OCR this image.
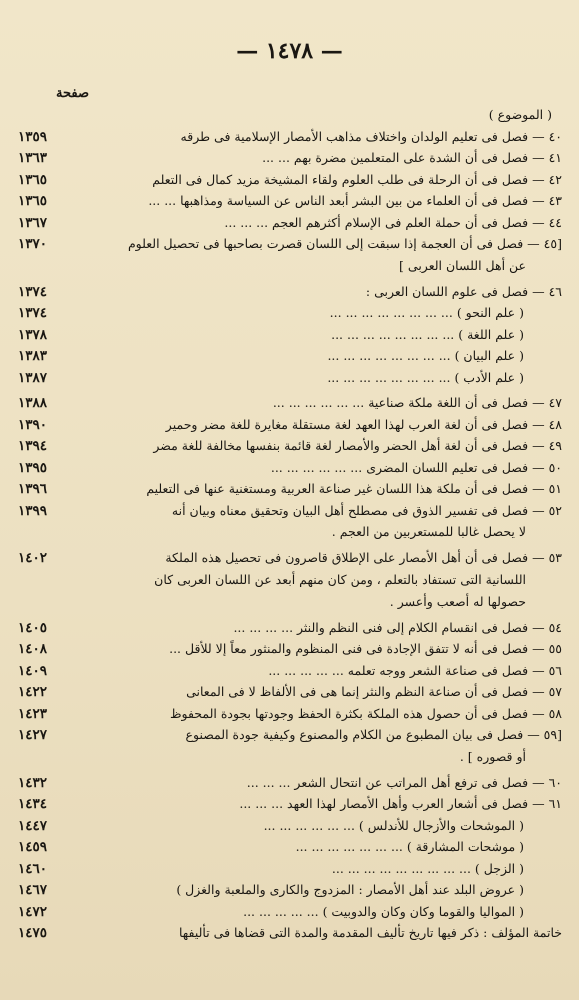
— ١٤٧٨ —
صفحة
( الموضوع )
١٣٥٩	٤٠ — فصل فى تعليم الولدان واختلاف مذاهب الأمصار الإسلامية فى طرقه
١٣٦٣	٤١ — فصل فى أن الشدة على المتعلمين مضرة بهم ... ...
١٣٦٥	٤٢ — فصل فى أن الرحلة فى طلب العلوم ولقاء المشيخة مزيد كمال فى التعلم
١٣٦٥	٤٣ — فصل فى أن العلماء من بين البشر أبعد الناس عن السياسة ومذاهبها ... ...
١٣٦٧	٤٤ — فصل فى أن حملة العلم فى الإسلام أكثرهم العجم ... ... ...
١٣٧٠	[٤٥ — فصل فى أن العجمة إذا سبقت إلى اللسان قصرت بصاحبها فى تحصيل العلوم
عن أهل اللسان العربى ]
١٣٧٤	٤٦ — فصل فى علوم اللسان العربى :
١٣٧٤	( علم النحو ) ... ... ... ... ... ... ... ...
١٣٧٨	( علم اللغة ) ... ... ... ... ... ... ... ...
١٣٨٣	( علم البيان ) ... ... ... ... ... ... ... ...
١٣٨٧	( علم الأدب ) ... ... ... ... ... ... ... ...
١٣٨٨	٤٧ — فصل فى أن اللغة ملكة صناعية ... ... ... ... ... ...
١٣٩٠	٤٨ — فصل فى أن لغة العرب لهذا العهد لغة مستقلة مغايرة للغة مضر وحمير
١٣٩٤	٤٩ — فصل فى أن لغة أهل الحضر والأمصار لغة قائمة بنفسها مخالفة للغة مضر
١٣٩٥	٥٠ — فصل فى تعليم اللسان المضرى ... ... ... ... ... ...
١٣٩٦	٥١ — فصل فى أن ملكة هذا اللسان غير صناعة العربية ومستغنية عنها فى التعليم
١٣٩٩	٥٢ — فصل فى تفسير الذوق فى مصطلح أهل البيان وتحقيق معناه وبيان أنه
لا يحصل غالبا للمستعربين من العجم .
١٤٠٢	٥٣ — فصل فى أن أهل الأمصار على الإطلاق قاصرون فى تحصيل هذه الملكة
اللسانية التى تستفاد بالتعلم ، ومن كان منهم أبعد عن اللسان العربى كان
حصولها له أصعب وأعسر .
١٤٠٥	٥٤ — فصل فى انقسام الكلام إلى فنى النظم والنثر ... ... ... ...
١٤٠٨	٥٥ — فصل فى أنه لا تتفق الإجادة فى فنى المنظوم والمنثور معاً إلا للأقل ...
١٤٠٩	٥٦ — فصل فى صناعة الشعر ووجه تعلمه ... ... ... ... ...
١٤٢٢	٥٧ — فصل فى أن صناعة النظم والنثر إنما هى فى الألفاظ لا فى المعانى
١٤٢٣	٥٨ — فصل فى أن حصول هذه الملكة بكثرة الحفظ وجودتها بجودة المحفوظ
١٤٢٧	[٥٩ — فصل فى بيان المطبوع من الكلام والمصنوع وكيفية جودة المصنوع
أو قصوره ] .
١٤٣٢	٦٠ — فصل فى ترفع أهل المراتب عن انتحال الشعر ... ... ...
١٤٣٤	٦١ — فصل فى أشعار العرب وأهل الأمصار لهذا العهد ... ... ...
١٤٤٧	( الموشحات والأزجال للأندلس ) ... ... ... ... ... ...
١٤٥٩	( موشحات المشارقة ) ... ... ... ... ... ... ...
١٤٦٠	( الزجل ) ... ... ... ... ... ... ... ... ...
١٤٦٧	( عروض البلد عند أهل الأمصار : المزدوج والكارى والملعبة والغزل )
١٤٧٢	( المواليا والقوما وكان وكان والدوبيت ) ... ... ... ... ...
١٤٧٥	خاتمة المؤلف : ذكر فيها تاريخ تأليف المقدمة والمدة التى قضاها فى تأليفها
